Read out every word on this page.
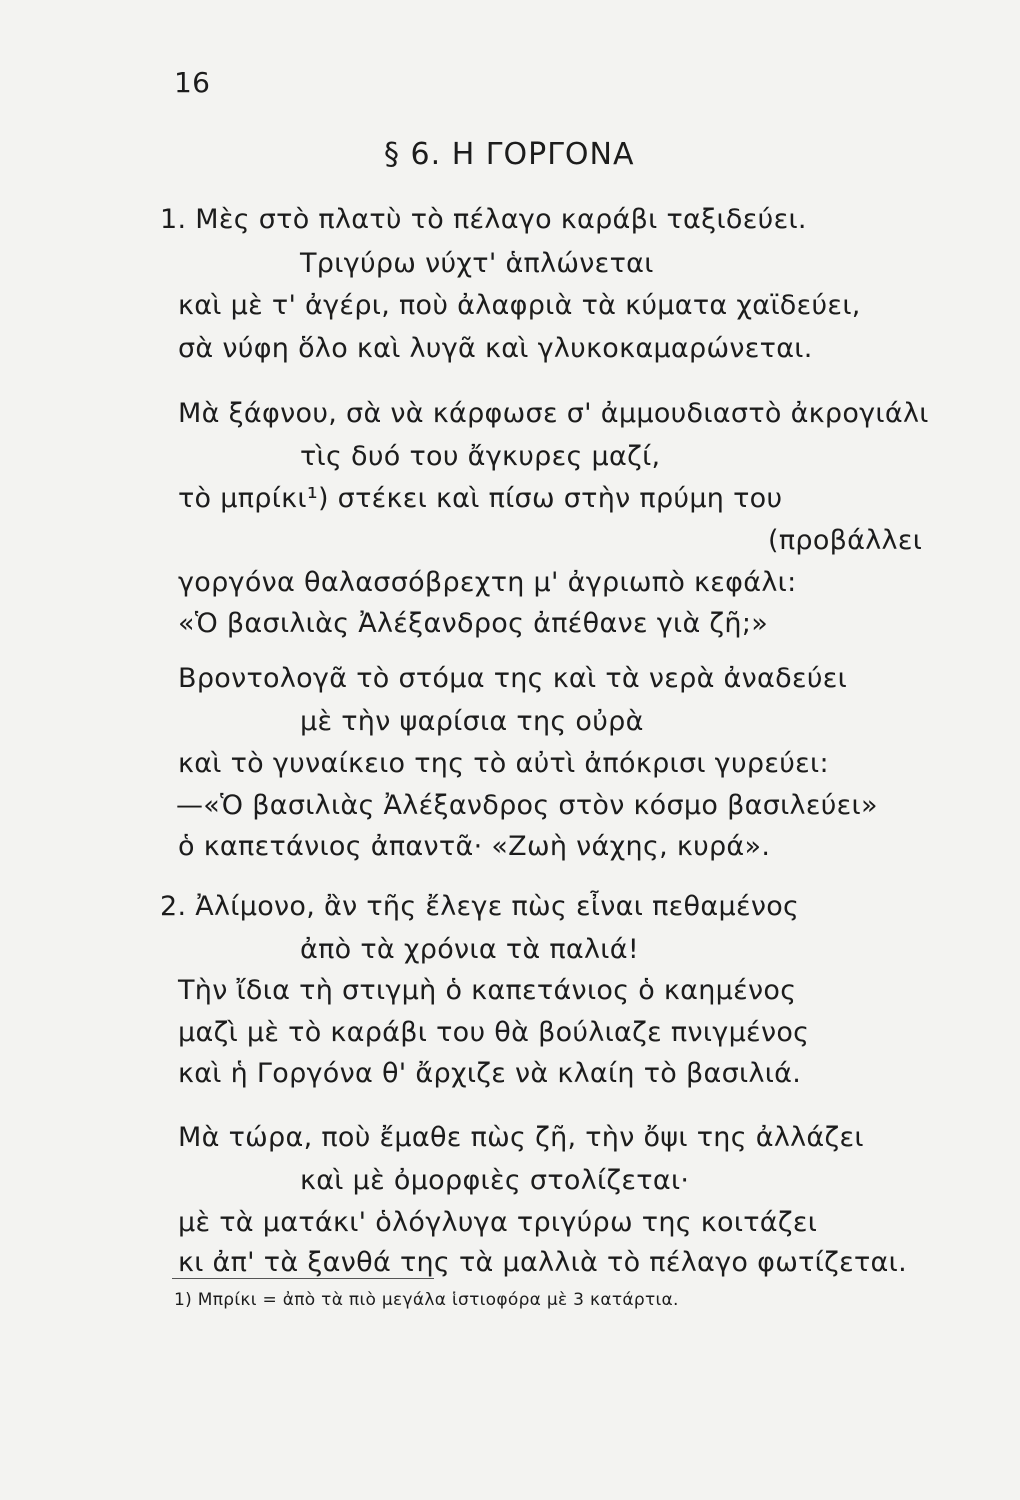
16
§ 6. Η ΓΟΡΓΟΝΑ
1. Μὲς στὸ πλατὺ τὸ πέλαγο καράβι ταξιδεύει.
Τριγύρω νύχτ' ἁπλώνεται
καὶ μὲ τ' ἀγέρι, ποὺ ἀλαφριὰ τὰ κύματα χαϊδεύει,
σὰ νύφη ὅλο καὶ λυγᾶ καὶ γλυκοκαμαρώνεται.
Μὰ ξάφνου, σὰ νὰ κάρφωσε σ' ἀμμουδιαστὸ ἀκρογιάλι
τὶς δυό του ἄγκυρες μαζί,
τὸ μπρίκι¹) στέκει καὶ πίσω στὴν πρύμη του
(προβάλλει
γοργόνα θαλασσόβρεχτη μ' ἀγριωπὸ κεφάλι:
«Ὁ βασιλιὰς Ἀλέξανδρος ἀπέθανε γιὰ ζῆ;»
Βροντολογᾶ τὸ στόμα της καὶ τὰ νερὰ ἀναδεύει
μὲ τὴν ψαρίσια της οὐρὰ
καὶ τὸ γυναίκειο της τὸ αὐτὶ ἀπόκρισι γυρεύει:
—«Ὁ βασιλιὰς Ἀλέξανδρος στὸν κόσμο βασιλεύει»
ὁ καπετάνιος ἀπαντᾶ· «Ζωὴ νάχης, κυρά».
2. Ἀλίμονο, ἂν τῆς ἔλεγε πὼς εἶναι πεθαμένος
ἀπὸ τὰ χρόνια τὰ παλιά!
Τὴν ἴδια τὴ στιγμὴ ὁ καπετάνιος ὁ καημένος
μαζὶ μὲ τὸ καράβι του θὰ βούλιαζε πνιγμένος
καὶ ἡ Γοργόνα θ' ἄρχιζε νὰ κλαίη τὸ βασιλιά.
Μὰ τώρα, ποὺ ἔμαθε πὼς ζῆ, τὴν ὄψι της ἀλλάζει
καὶ μὲ ὀμορφιὲς στολίζεται·
μὲ τὰ ματάκι' ὁλόγλυγα τριγύρω της κοιτάζει
κι ἀπ' τὰ ξανθά της τὰ μαλλιὰ τὸ πέλαγο φωτίζεται.
1) Μπρίκι = ἀπὸ τὰ πιὸ μεγάλα ἱστιοφόρα μὲ 3 κατάρτια.
